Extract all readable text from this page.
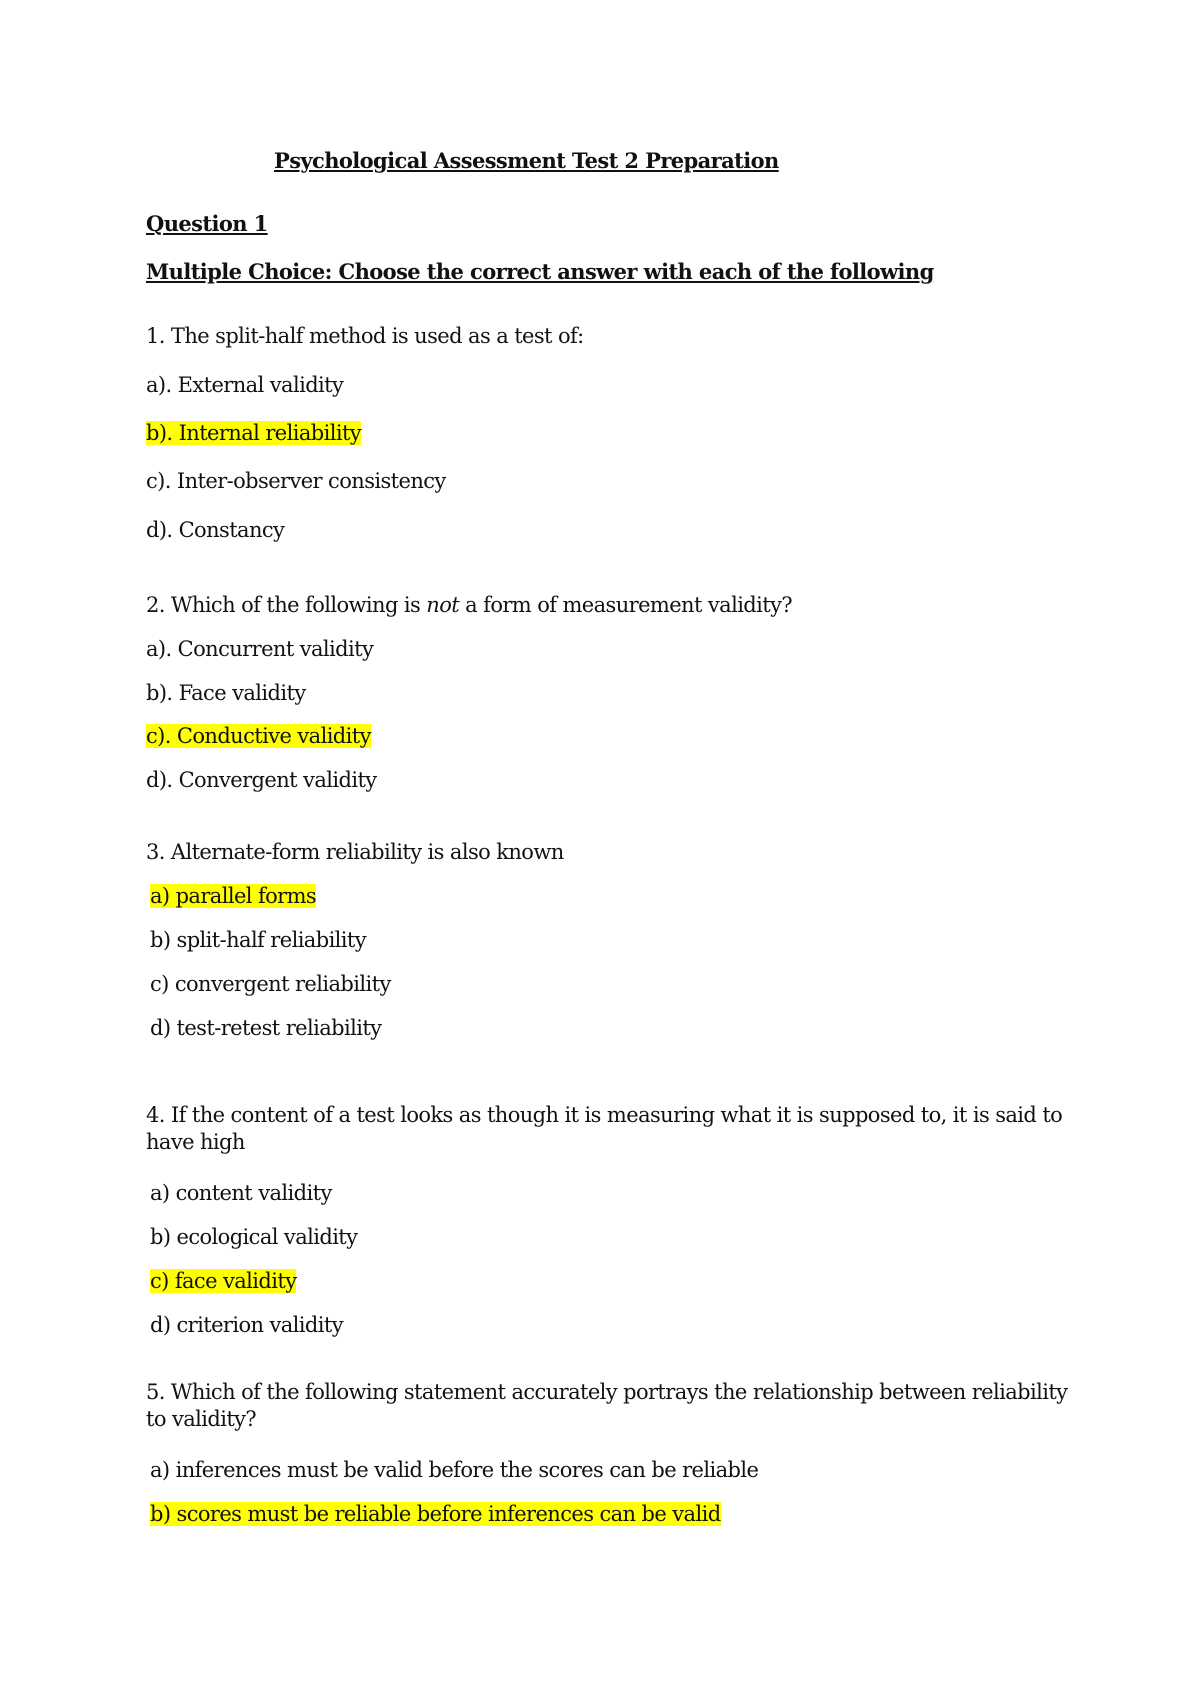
Psychological Assessment Test 2 Preparation
Question 1
Multiple Choice: Choose the correct answer with each of the following
1. The split-half method is used as a test of:
a). External validity
b). Internal reliability
c). Inter-observer consistency
d). Constancy
2. Which of the following is not a form of measurement validity?
a). Concurrent validity
b). Face validity
c). Conductive validity
d). Convergent validity
3. Alternate-form reliability is also known
a) parallel forms
b) split-half reliability
c) convergent reliability
d) test-retest reliability
4. If the content of a test looks as though it is measuring what it is supposed to, it is said to have high
a) content validity
b) ecological validity
c) face validity
d) criterion validity
5. Which of the following statement accurately portrays the relationship between reliability to validity?
a) inferences must be valid before the scores can be reliable
b) scores must be reliable before inferences can be valid
